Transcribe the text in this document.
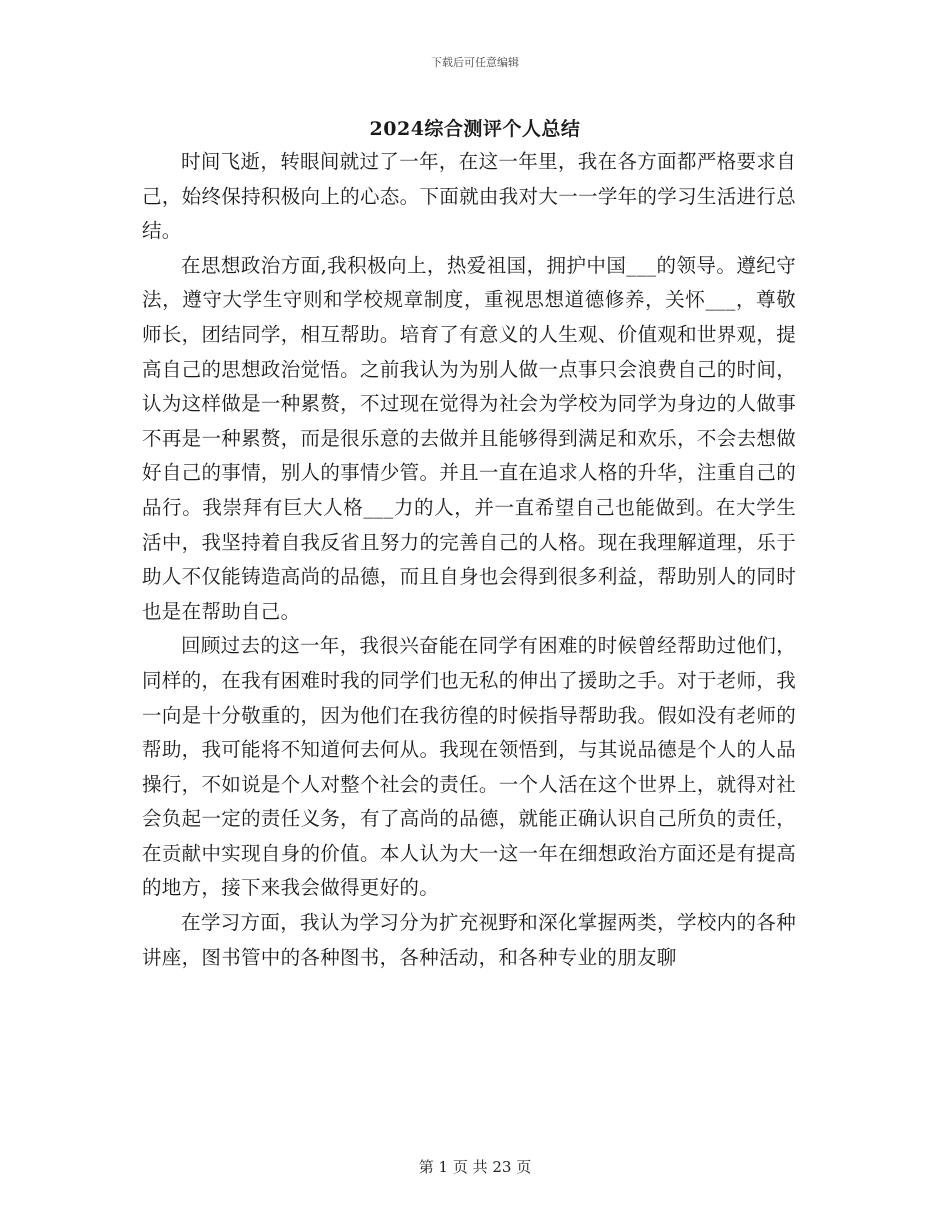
下载后可任意编辑
2024综合测评个人总结

时间飞逝，转眼间就过了一年，在这一年里，我在各方面都严格要求自己，始终保持积极向上的心态。下面就由我对大一一学年的学习生活进行总结。

在思想政治方面,我积极向上，热爱祖国，拥护中国___的领导。遵纪守法，遵守大学生守则和学校规章制度，重视思想道德修养，关怀___，尊敬师长，团结同学，相互帮助。培育了有意义的人生观、价值观和世界观，提高自己的思想政治觉悟。之前我认为为别人做一点事只会浪费自己的时间，认为这样做是一种累赘，不过现在觉得为社会为学校为同学为身边的人做事不再是一种累赘，而是很乐意的去做并且能够得到满足和欢乐，不会去想做好自己的事情，别人的事情少管。并且一直在追求人格的升华，注重自己的品行。我崇拜有巨大人格___力的人，并一直希望自己也能做到。在大学生活中，我坚持着自我反省且努力的完善自己的人格。现在我理解道理，乐于助人不仅能铸造高尚的品德，而且自身也会得到很多利益，帮助别人的同时也是在帮助自己。

回顾过去的这一年，我很兴奋能在同学有困难的时候曾经帮助过他们，同样的，在我有困难时我的同学们也无私的伸出了援助之手。对于老师，我一向是十分敬重的，因为他们在我彷徨的时候指导帮助我。假如没有老师的帮助，我可能将不知道何去何从。我现在领悟到，与其说品德是个人的人品操行，不如说是个人对整个社会的责任。一个人活在这个世界上，就得对社会负起一定的责任义务，有了高尚的品德，就能正确认识自己所负的责任，在贡献中实现自身的价值。本人认为大一这一年在细想政治方面还是有提高的地方，接下来我会做得更好的。

在学习方面，我认为学习分为扩充视野和深化掌握两类，学校内的各种讲座，图书管中的各种图书，各种活动，和各种专业的朋友聊

第 1 页 共 23 页
